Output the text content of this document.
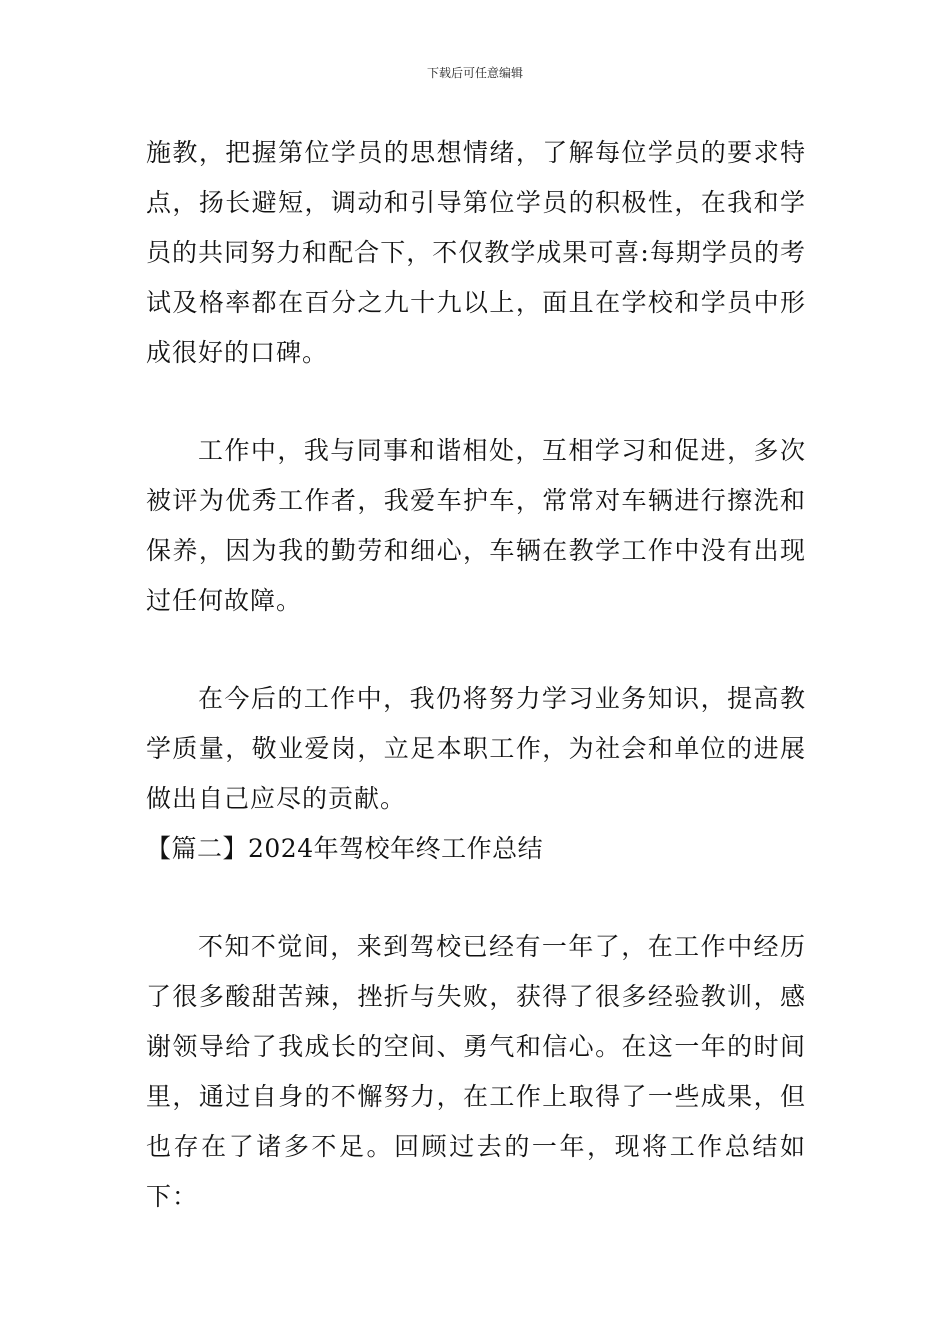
下载后可任意编辑

施教，把握第位学员的思想情绪，了解每位学员的要求特点，扬长避短，调动和引导第位学员的积极性，在我和学员的共同努力和配合下，不仅教学成果可喜:每期学员的考试及格率都在百分之九十九以上，面且在学校和学员中形成很好的口碑。

工作中，我与同事和谐相处，互相学习和促进，多次被评为优秀工作者，我爱车护车，常常对车辆进行擦洗和保养，因为我的勤劳和细心，车辆在教学工作中没有出现过任何故障。

在今后的工作中，我仍将努力学习业务知识，提高教学质量，敬业爱岗，立足本职工作，为社会和单位的进展做出自己应尽的贡献。

【篇二】2024年驾校年终工作总结

不知不觉间，来到驾校已经有一年了，在工作中经历了很多酸甜苦辣，挫折与失败，获得了很多经验教训，感谢领导给了我成长的空间、勇气和信心。在这一年的时间里，通过自身的不懈努力，在工作上取得了一些成果，但也存在了诸多不足。回顾过去的一年，现将工作总结如下：
